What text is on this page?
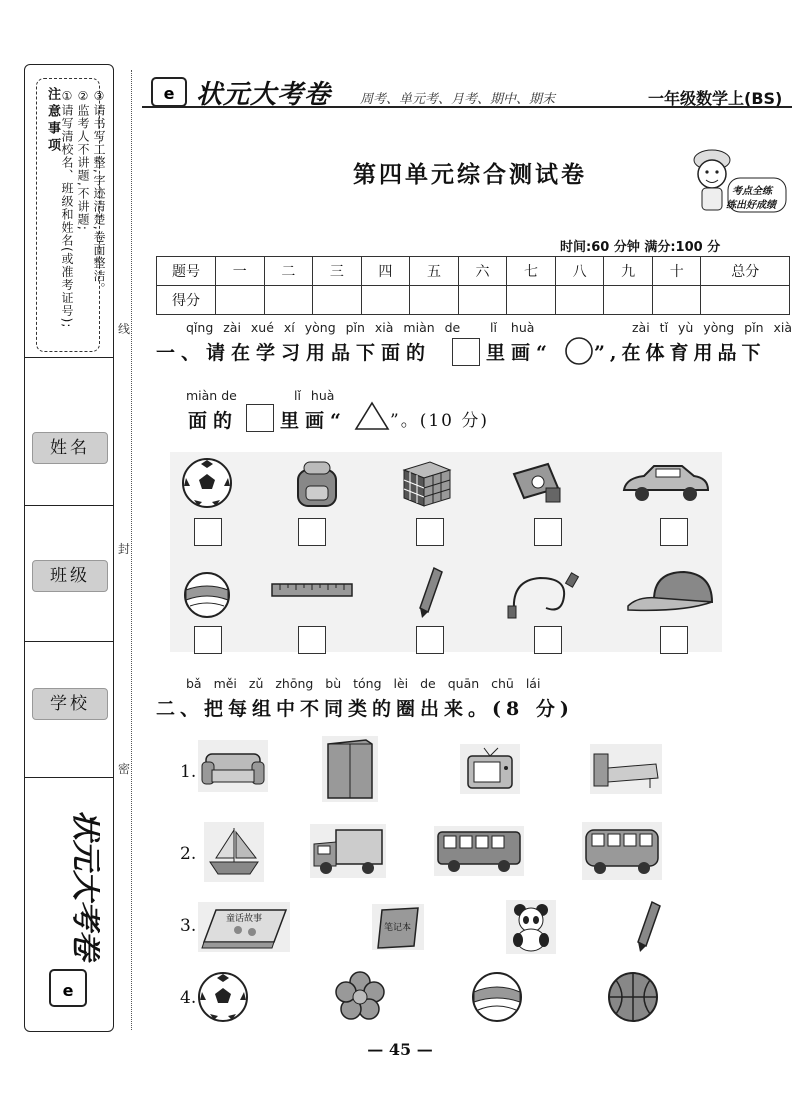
注意事项 ①请写清校名、班级和姓名(或准考证号); ②监考人不讲题,不讲题; ③请书写工整,字迹清楚,卷面整洁。
姓名
班级
学校
e
状元大考卷
线
封
密
e 状元大考卷 周考、单元考、月考、期中、期末	一年级数学上(BS)
第四单元综合测试卷
考点全练
练出好成绩
时间:60 分钟 满分:100 分
题号	一	二	三	四	五	六	七	八	九	十	总分
得分											
qǐng zài xué xí yòng pǐn xià miàn de lǐ huà	zài tǐ yù yòng pǐn xià
一、请在学习用品下面的	里画“ ”,在体育用品下
miàn de	lǐ huà
面的 里画“	”。(10 分)
bǎ měi zǔ zhōng bù tóng lèi de quān chū lái
二、把每组中不同类的圈出来。(8 分)
1.
2.
3.	童话故事
笔记本
4.
— 45 —
